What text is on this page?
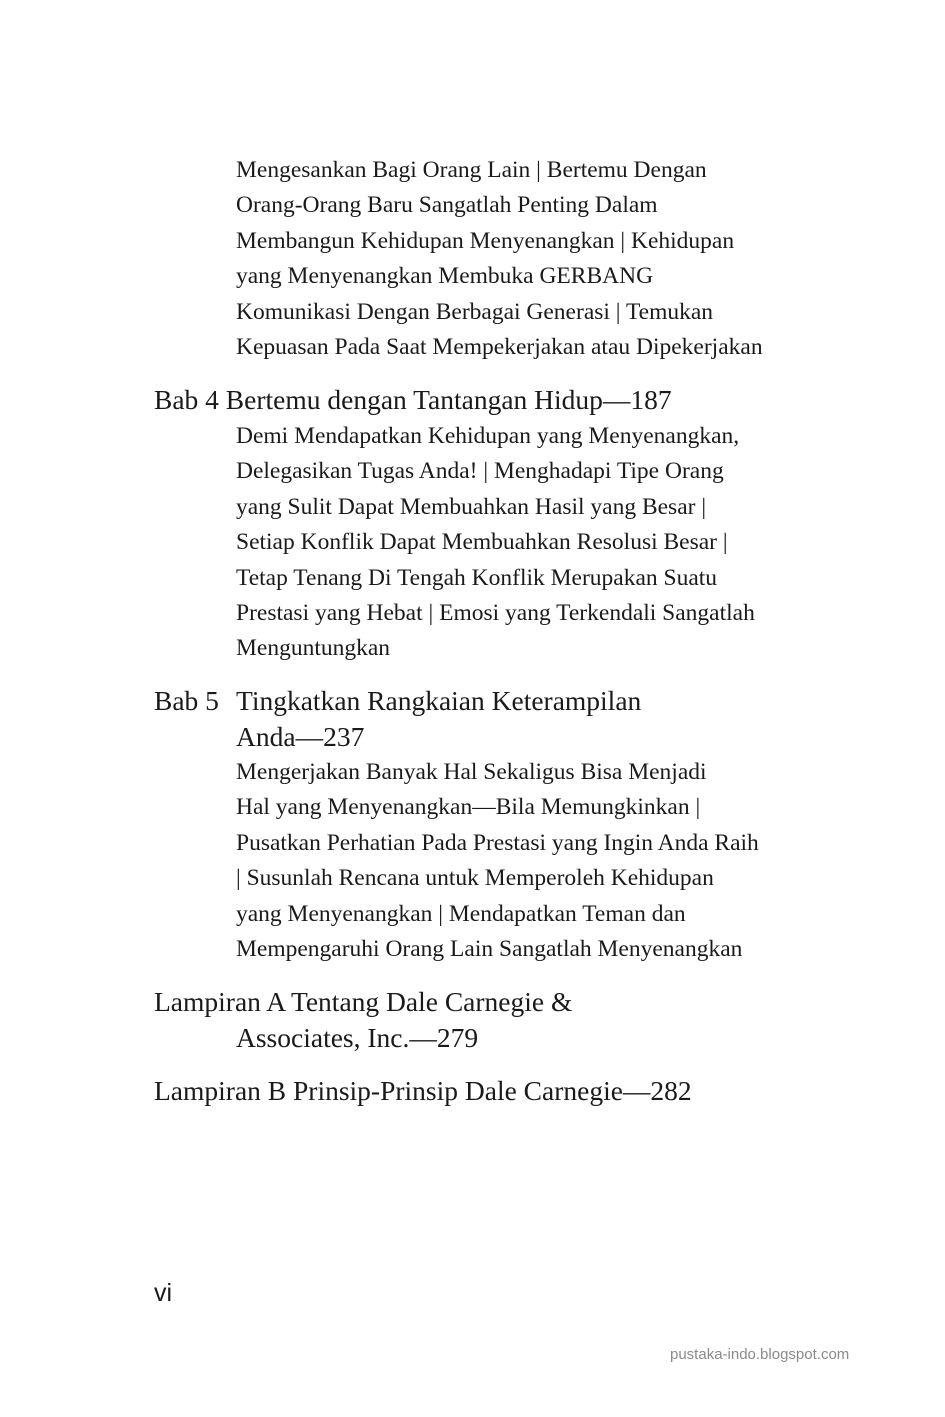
Mengesankan Bagi Orang Lain | Bertemu Dengan
Orang-Orang Baru Sangatlah Penting Dalam
Membangun Kehidupan Menyenangkan | Kehidupan
yang Menyenangkan Membuka GERBANG
Komunikasi Dengan Berbagai Generasi | Temukan
Kepuasan Pada Saat Mempekerjakan atau Dipekerjakan

Bab 4 Bertemu dengan Tantangan Hidup—187

Demi Mendapatkan Kehidupan yang Menyenangkan,
Delegasikan Tugas Anda! | Menghadapi Tipe Orang
yang Sulit Dapat Membuahkan Hasil yang Besar |
Setiap Konflik Dapat Membuahkan Resolusi Besar |
Tetap Tenang Di Tengah Konflik Merupakan Suatu
Prestasi yang Hebat | Emosi yang Terkendali Sangatlah
Menguntungkan

Bab 5 Tingkatkan Rangkaian Keterampilan

Anda—237

Mengerjakan Banyak Hal Sekaligus Bisa Menjadi
Hal yang Menyenangkan—Bila Memungkinkan |
Pusatkan Perhatian Pada Prestasi yang Ingin Anda Raih
| Susunlah Rencana untuk Memperoleh Kehidupan
yang Menyenangkan | Mendapatkan Teman dan
Mempengaruhi Orang Lain Sangatlah Menyenangkan

Lampiran A Tentang Dale Carnegie &

Associates, Inc.—279

Lampiran B Prinsip-Prinsip Dale Carnegie—282

vi
pustaka-indo.blogspot.com
